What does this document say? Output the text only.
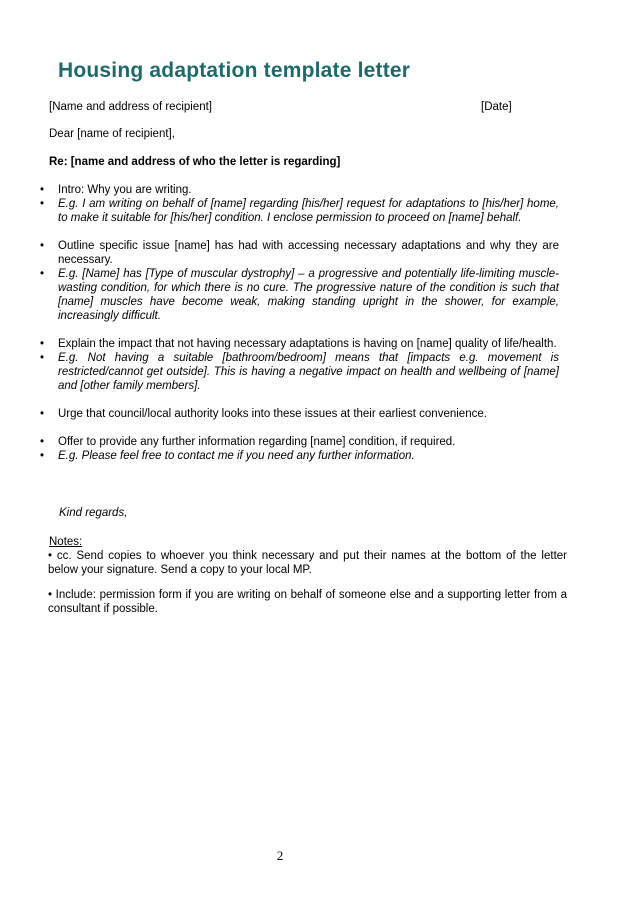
Housing adaptation template letter
[Name and address of recipient]	[Date]
Dear [name of recipient],
Re: [name and address of who the letter is regarding]
• Intro: Why you are writing.
• E.g. I am writing on behalf of [name] regarding [his/her] request for adaptations to [his/her] home, to make it suitable for [his/her] condition. I enclose permission to proceed on [name] behalf.
• Outline specific issue [name] has had with accessing necessary adaptations and why they are necessary.
• E.g. [Name] has [Type of muscular dystrophy] – a progressive and potentially life-limiting muscle-wasting condition, for which there is no cure. The progressive nature of the condition is such that [name] muscles have become weak, making standing upright in the shower, for example, increasingly difficult.
• Explain the impact that not having necessary adaptations is having on [name] quality of life/health.
• E.g. Not having a suitable [bathroom/bedroom] means that [impacts e.g. movement is restricted/cannot get outside]. This is having a negative impact on health and wellbeing of [name] and [other family members].
• Urge that council/local authority looks into these issues at their earliest convenience.
• Offer to provide any further information regarding [name] condition, if required.
• E.g. Please feel free to contact me if you need any further information.
Kind regards,
Notes:
• cc. Send copies to whoever you think necessary and put their names at the bottom of the letter below your signature. Send a copy to your local MP.
• Include: permission form if you are writing on behalf of someone else and a supporting letter from a consultant if possible.
2
